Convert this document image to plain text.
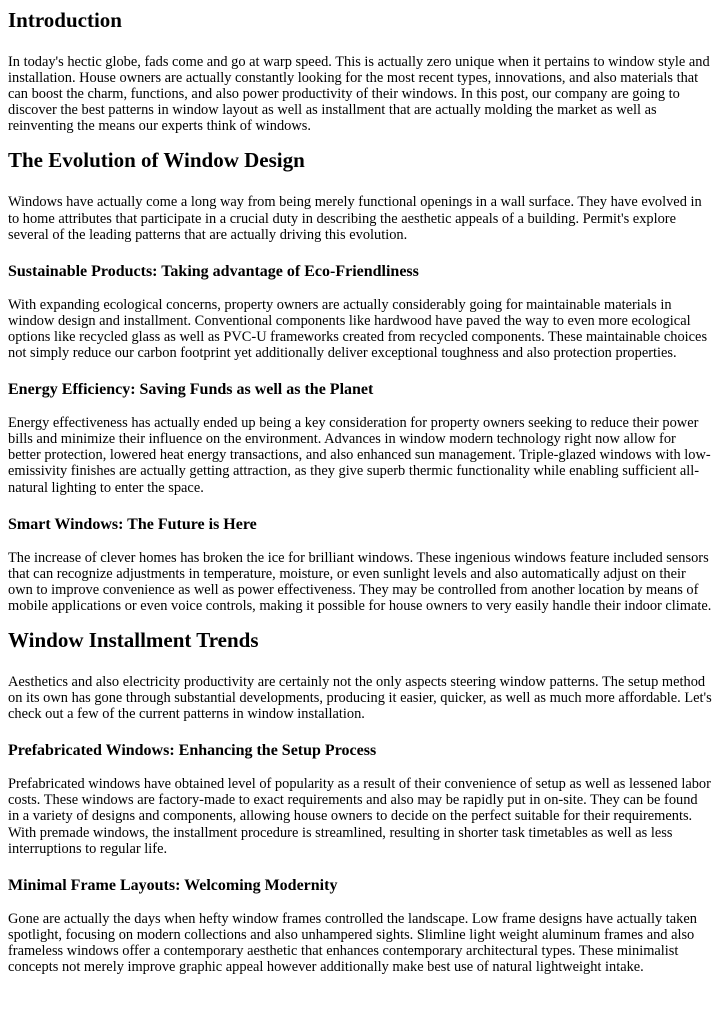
Introduction

In today's hectic globe, fads come and go at warp speed. This is actually zero unique when it pertains to window style and installation. House owners are actually constantly looking for the most recent types, innovations, and also materials that can boost the charm, functions, and also power productivity of their windows. In this post, our company are going to discover the best patterns in window layout as well as installment that are actually molding the market as well as reinventing the means our experts think of windows.

The Evolution of Window Design

Windows have actually come a long way from being merely functional openings in a wall surface. They have evolved in to home attributes that participate in a crucial duty in describing the aesthetic appeals of a building. Permit's explore several of the leading patterns that are actually driving this evolution.

Sustainable Products: Taking advantage of Eco-Friendliness

With expanding ecological concerns, property owners are actually considerably going for maintainable materials in window design and installment. Conventional components like hardwood have paved the way to even more ecological options like recycled glass as well as PVC-U frameworks created from recycled components. These maintainable choices not simply reduce our carbon footprint yet additionally deliver exceptional toughness and also protection properties.

Energy Efficiency: Saving Funds as well as the Planet

Energy effectiveness has actually ended up being a key consideration for property owners seeking to reduce their power bills and minimize their influence on the environment. Advances in window modern technology right now allow for better protection, lowered heat energy transactions, and also enhanced sun management. Triple-glazed windows with low-emissivity finishes are actually getting attraction, as they give superb thermic functionality while enabling sufficient all-natural lighting to enter the space.

Smart Windows: The Future is Here

The increase of clever homes has broken the ice for brilliant windows. These ingenious windows feature included sensors that can recognize adjustments in temperature, moisture, or even sunlight levels and also automatically adjust on their own to improve convenience as well as power effectiveness. They may be controlled from another location by means of mobile applications or even voice controls, making it possible for house owners to very easily handle their indoor climate.

Window Installment Trends

Aesthetics and also electricity productivity are certainly not the only aspects steering window patterns. The setup method on its own has gone through substantial developments, producing it easier, quicker, as well as much more affordable. Let's check out a few of the current patterns in window installation.

Prefabricated Windows: Enhancing the Setup Process

Prefabricated windows have obtained level of popularity as a result of their convenience of setup as well as lessened labor costs. These windows are factory-made to exact requirements and also may be rapidly put in on-site. They can be found in a variety of designs and components, allowing house owners to decide on the perfect suitable for their requirements. With premade windows, the installment procedure is streamlined, resulting in shorter task timetables as well as less interruptions to regular life.

Minimal Frame Layouts: Welcoming Modernity

Gone are actually the days when hefty window frames controlled the landscape. Low frame designs have actually taken spotlight, focusing on modern collections and also unhampered sights. Slimline light weight aluminum frames and also frameless windows offer a contemporary aesthetic that enhances contemporary architectural types. These minimalist concepts not merely improve graphic appeal however additionally make best use of natural lightweight intake.
